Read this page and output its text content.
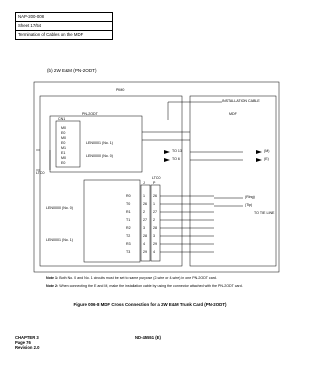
NAP-200-008
Sheet 17/54
Termination of Cables on the MDF
(b) 2W E&M (PN-2ODT)
PIM0
INSTALLATION CABLE
MDF
PN-2ODT
CN1
LTC0
LTC0
J P
M0
E0
M0
E0
M1
E1
M0
E0
LEN0001 (No. 1)
LEN0000 (No. 0)
TO 13
TO 6
(M)
(E)
LEN0000 (No. 0)
LEN0001 (No. 1)
R0	1 26
T0	26 1
R1	2 27
T1	27 2
R2	3 28
T2	28 3
R3	4 29
T3	29 4
(Ring)
(Tip)
TO TIE LINE
Note 1: Both No. 0 and No. 1 circuits must be set to same purpose (2-wire or 4-wire) in one PN-2ODT card.
Note 2: When connecting the E and M, make the installation cable by using the connector attached with the PN-2ODT card.
Figure 006-8 MDF Cross Connection for a 2W E&M Trunk Card (PN-2ODT)
CHAPTER 3
Page 76
Revision 2.0
ND-45551 (E)
